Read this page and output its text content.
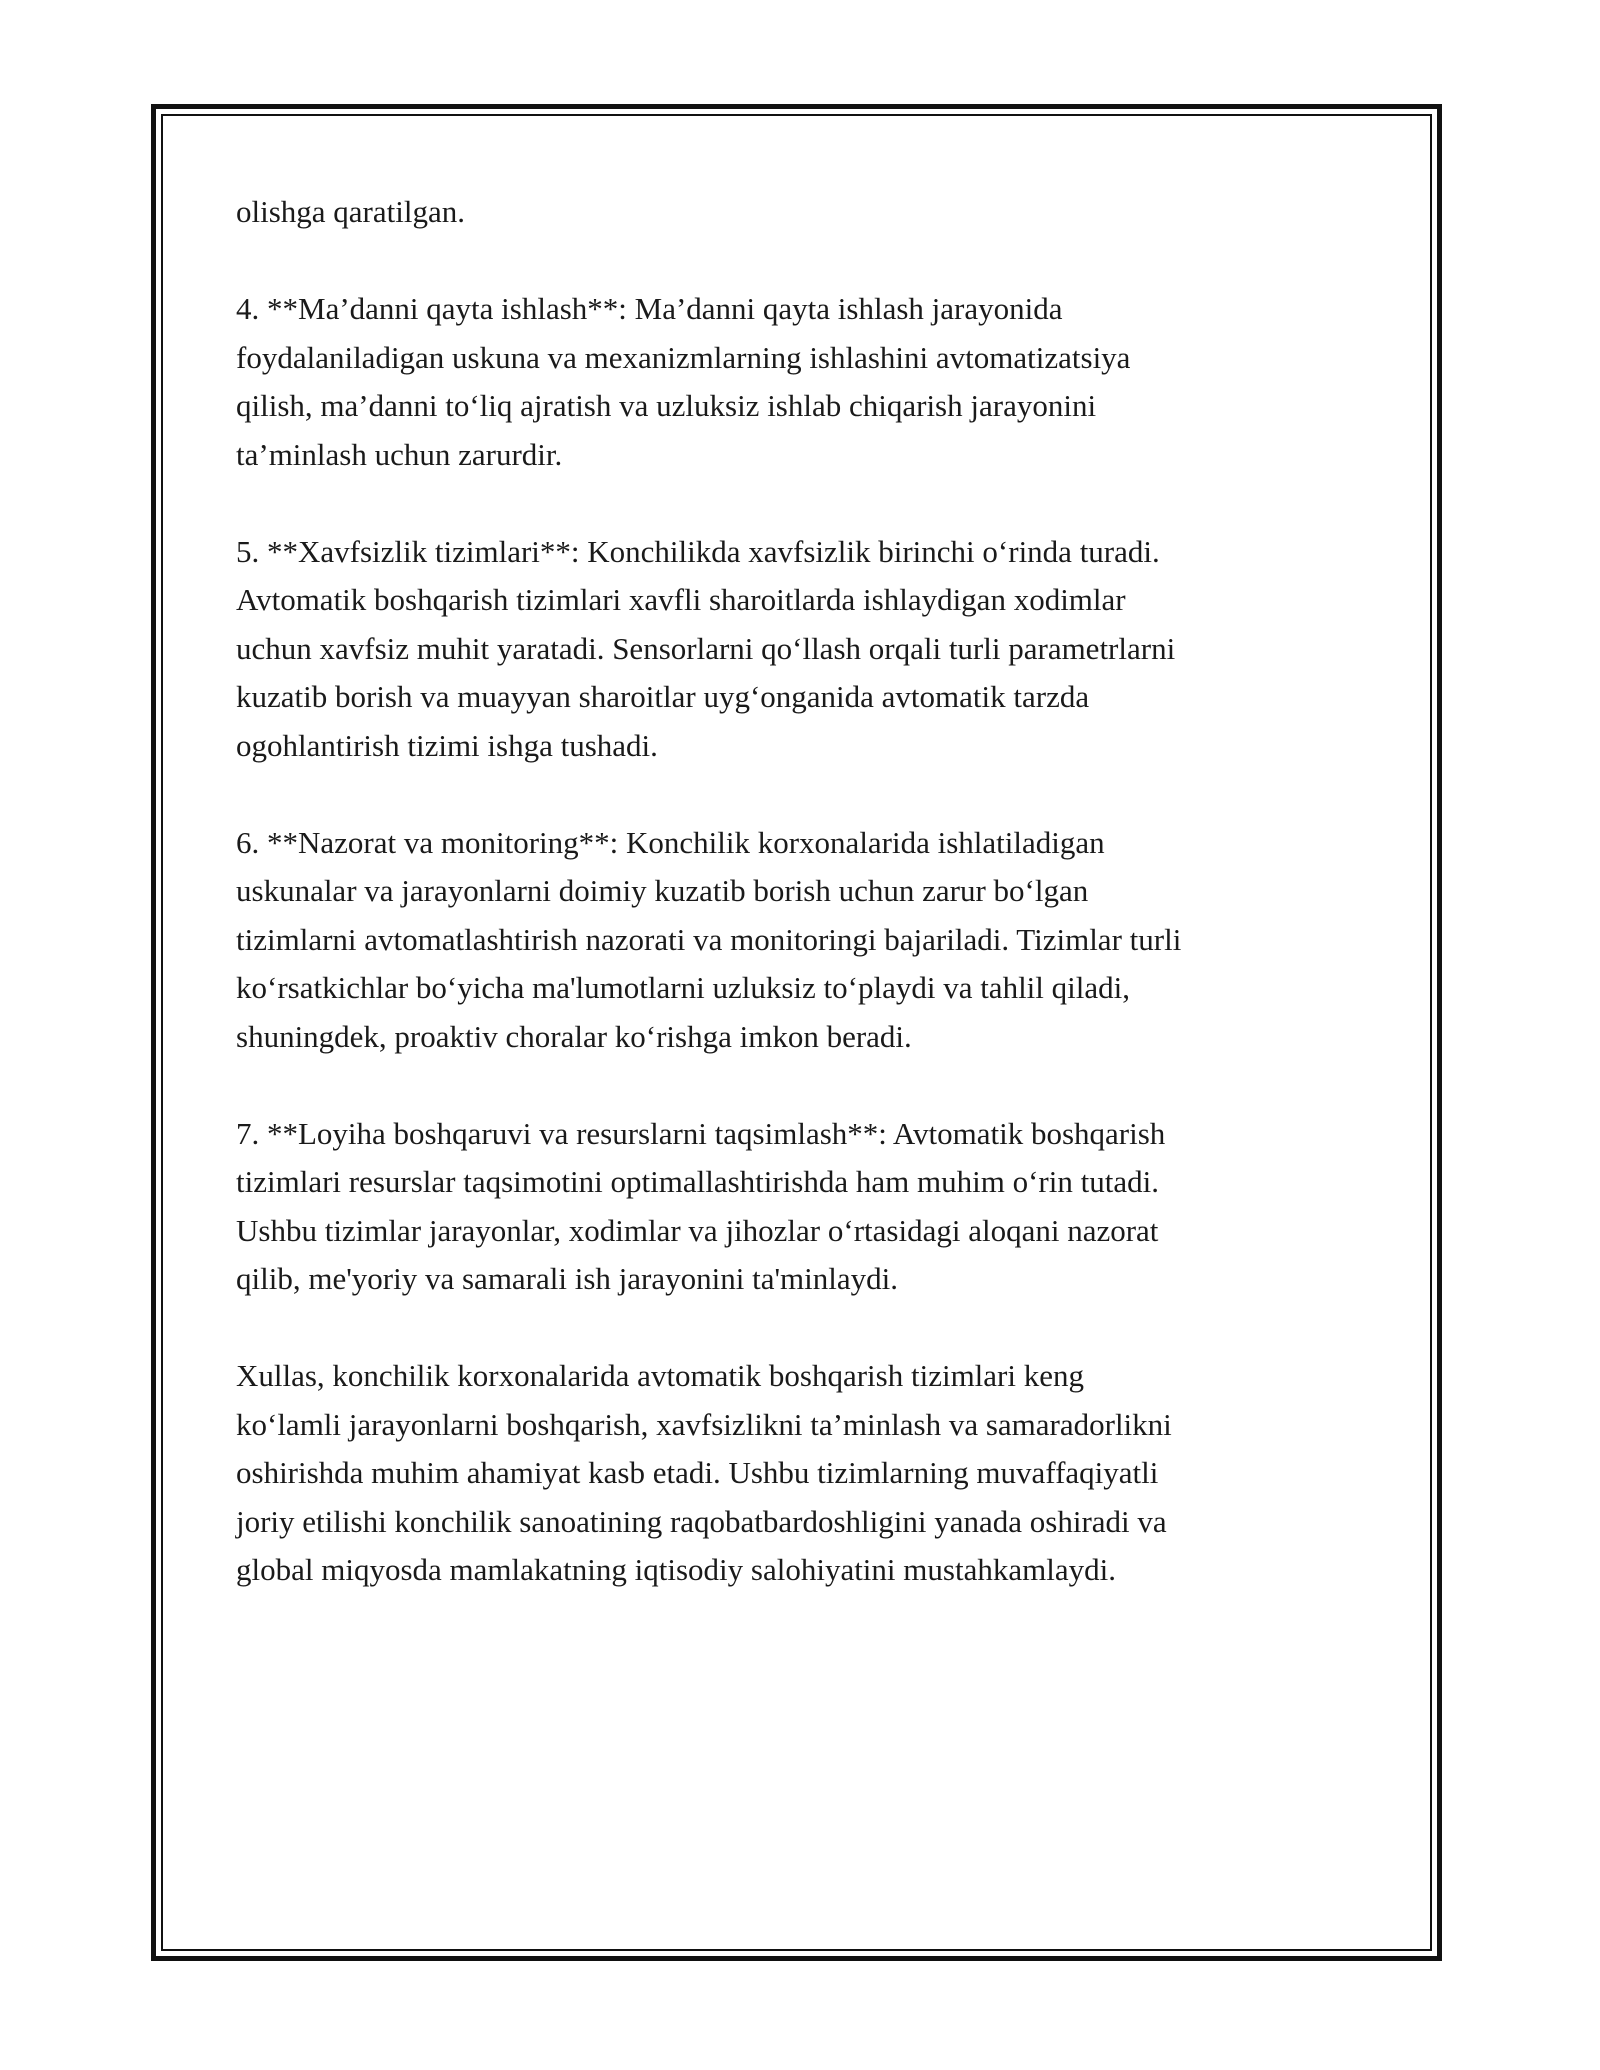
olishga qaratilgan.

4. **Ma’danni qayta ishlash**: Ma’danni qayta ishlash jarayonida
foydalaniladigan uskuna va mexanizmlarning ishlashini avtomatizatsiya
qilish, ma’danni to‘liq ajratish va uzluksiz ishlab chiqarish jarayonini
ta’minlash uchun zarurdir.

5. **Xavfsizlik tizimlari**: Konchilikda xavfsizlik birinchi o‘rinda turadi.
Avtomatik boshqarish tizimlari xavfli sharoitlarda ishlaydigan xodimlar
uchun xavfsiz muhit yaratadi. Sensorlarni qo‘llash orqali turli parametrlarni
kuzatib borish va muayyan sharoitlar uyg‘onganida avtomatik tarzda
ogohlantirish tizimi ishga tushadi.

6. **Nazorat va monitoring**: Konchilik korxonalarida ishlatiladigan
uskunalar va jarayonlarni doimiy kuzatib borish uchun zarur bo‘lgan
tizimlarni avtomatlashtirish nazorati va monitoringi bajariladi. Tizimlar turli
ko‘rsatkichlar bo‘yicha ma'lumotlarni uzluksiz to‘playdi va tahlil qiladi,
shuningdek, proaktiv choralar ko‘rishga imkon beradi.

7. **Loyiha boshqaruvi va resurslarni taqsimlash**: Avtomatik boshqarish
tizimlari resurslar taqsimotini optimallashtirishda ham muhim o‘rin tutadi.
Ushbu tizimlar jarayonlar, xodimlar va jihozlar o‘rtasidagi aloqani nazorat
qilib, me'yoriy va samarali ish jarayonini ta'minlaydi.

Xullas, konchilik korxonalarida avtomatik boshqarish tizimlari keng
ko‘lamli jarayonlarni boshqarish, xavfsizlikni ta’minlash va samaradorlikni
oshirishda muhim ahamiyat kasb etadi. Ushbu tizimlarning muvaffaqiyatli
joriy etilishi konchilik sanoatining raqobatbardoshligini yanada oshiradi va
global miqyosda mamlakatning iqtisodiy salohiyatini mustahkamlaydi.
